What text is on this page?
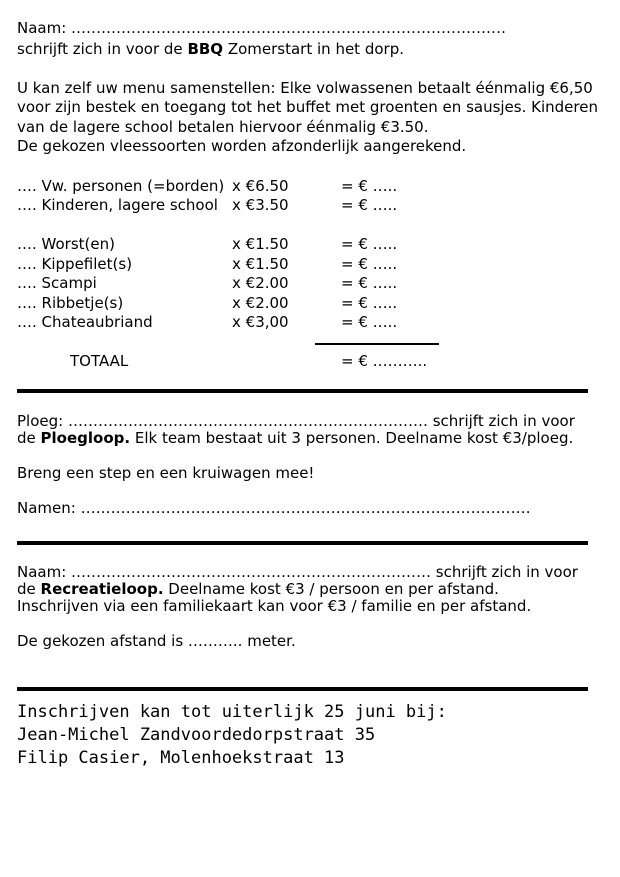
Naam: ……………………………………………………………………………
schrijft zich in voor de BBQ Zomerstart in het dorp.
U kan zelf uw menu samenstellen: Elke volwassenen betaalt éénmalig €6,50
voor zijn bestek en toegang tot het buffet met groenten en sausjes. Kinderen
van de lagere school betalen hiervoor éénmalig €3.50.
De gekozen vleessoorten worden afzonderlijk aangerekend.
…. Vw. personen (=borden) x €6.50	= € …..
…. Kinderen, lagere school x €3.50	= € …..
…. Worst(en)	x €1.50	= € …..
…. Kippefilet(s)	x €1.50	= € …..
…. Scampi	x €2.00	= € …..
…. Ribbetje(s)	x €2.00	= € …..
…. Chateaubriand	x €3,00	= € …..
TOTAAL	= € ………..
Ploeg: ……………………………………………………………… schrijft zich in voor
de Ploegloop. Elk team bestaat uit 3 personen. Deelname kost €3/ploeg.
Breng een step en een kruiwagen mee!
Namen: ………………………………………………………………………………
Naam: ……………………………………………………………… schrijft zich in voor
de Recreatieloop. Deelname kost €3 / persoon en per afstand.
Inschrijven via een familiekaart kan voor €3 / familie en per afstand.
De gekozen afstand is ……….. meter.
Inschrijven kan tot uiterlijk 25 juni bij:
Jean-Michel Zandvoordedorpstraat 35
Filip Casier, Molenhoekstraat 13
